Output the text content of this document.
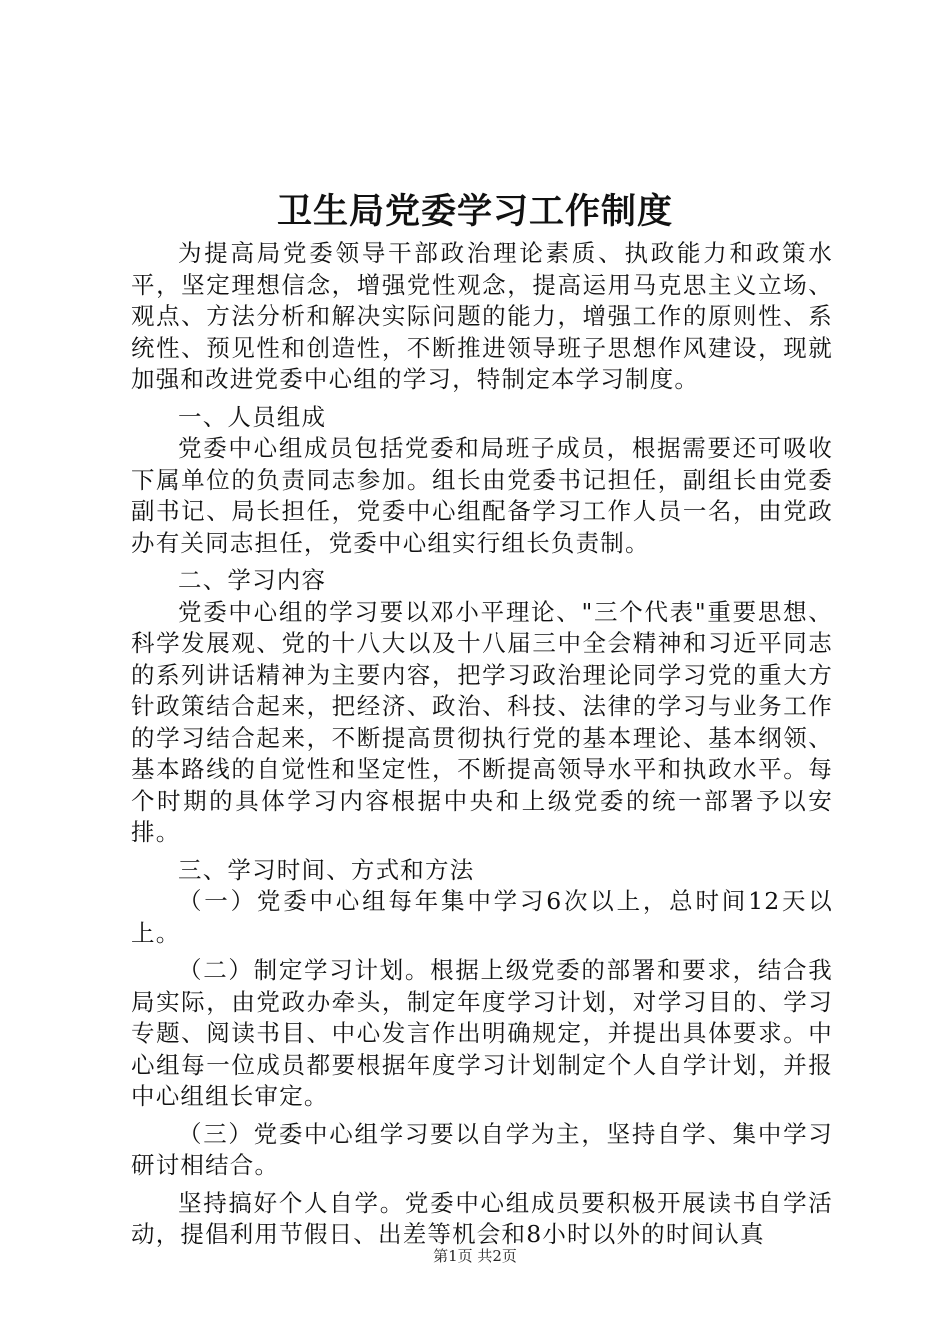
卫生局党委学习工作制度

为提高局党委领导干部政治理论素质、执政能力和政策水平，坚定理想信念，增强党性观念，提高运用马克思主义立场、观点、方法分析和解决实际问题的能力，增强工作的原则性、系统性、预见性和创造性，不断推进领导班子思想作风建设，现就加强和改进党委中心组的学习，特制定本学习制度。

一、人员组成

党委中心组成员包括党委和局班子成员，根据需要还可吸收下属单位的负责同志参加。组长由党委书记担任，副组长由党委副书记、局长担任，党委中心组配备学习工作人员一名，由党政办有关同志担任，党委中心组实行组长负责制。

二、学习内容

党委中心组的学习要以邓小平理论、"三个代表"重要思想、科学发展观、党的十八大以及十八届三中全会精神和习近平同志的系列讲话精神为主要内容，把学习政治理论同学习党的重大方针政策结合起来，把经济、政治、科技、法律的学习与业务工作的学习结合起来，不断提高贯彻执行党的基本理论、基本纲领、基本路线的自觉性和坚定性，不断提高领导水平和执政水平。每个时期的具体学习内容根据中央和上级党委的统一部署予以安排。

三、学习时间、方式和方法

（一）党委中心组每年集中学习6次以上，总时间12天以上。

（二）制定学习计划。根据上级党委的部署和要求，结合我局实际，由党政办牵头，制定年度学习计划，对学习目的、学习专题、阅读书目、中心发言作出明确规定，并提出具体要求。中心组每一位成员都要根据年度学习计划制定个人自学计划，并报中心组组长审定。

（三）党委中心组学习要以自学为主，坚持自学、集中学习研讨相结合。

坚持搞好个人自学。党委中心组成员要积极开展读书自学活动，提倡利用节假日、出差等机会和8小时以外的时间认真

第1页 共2页
